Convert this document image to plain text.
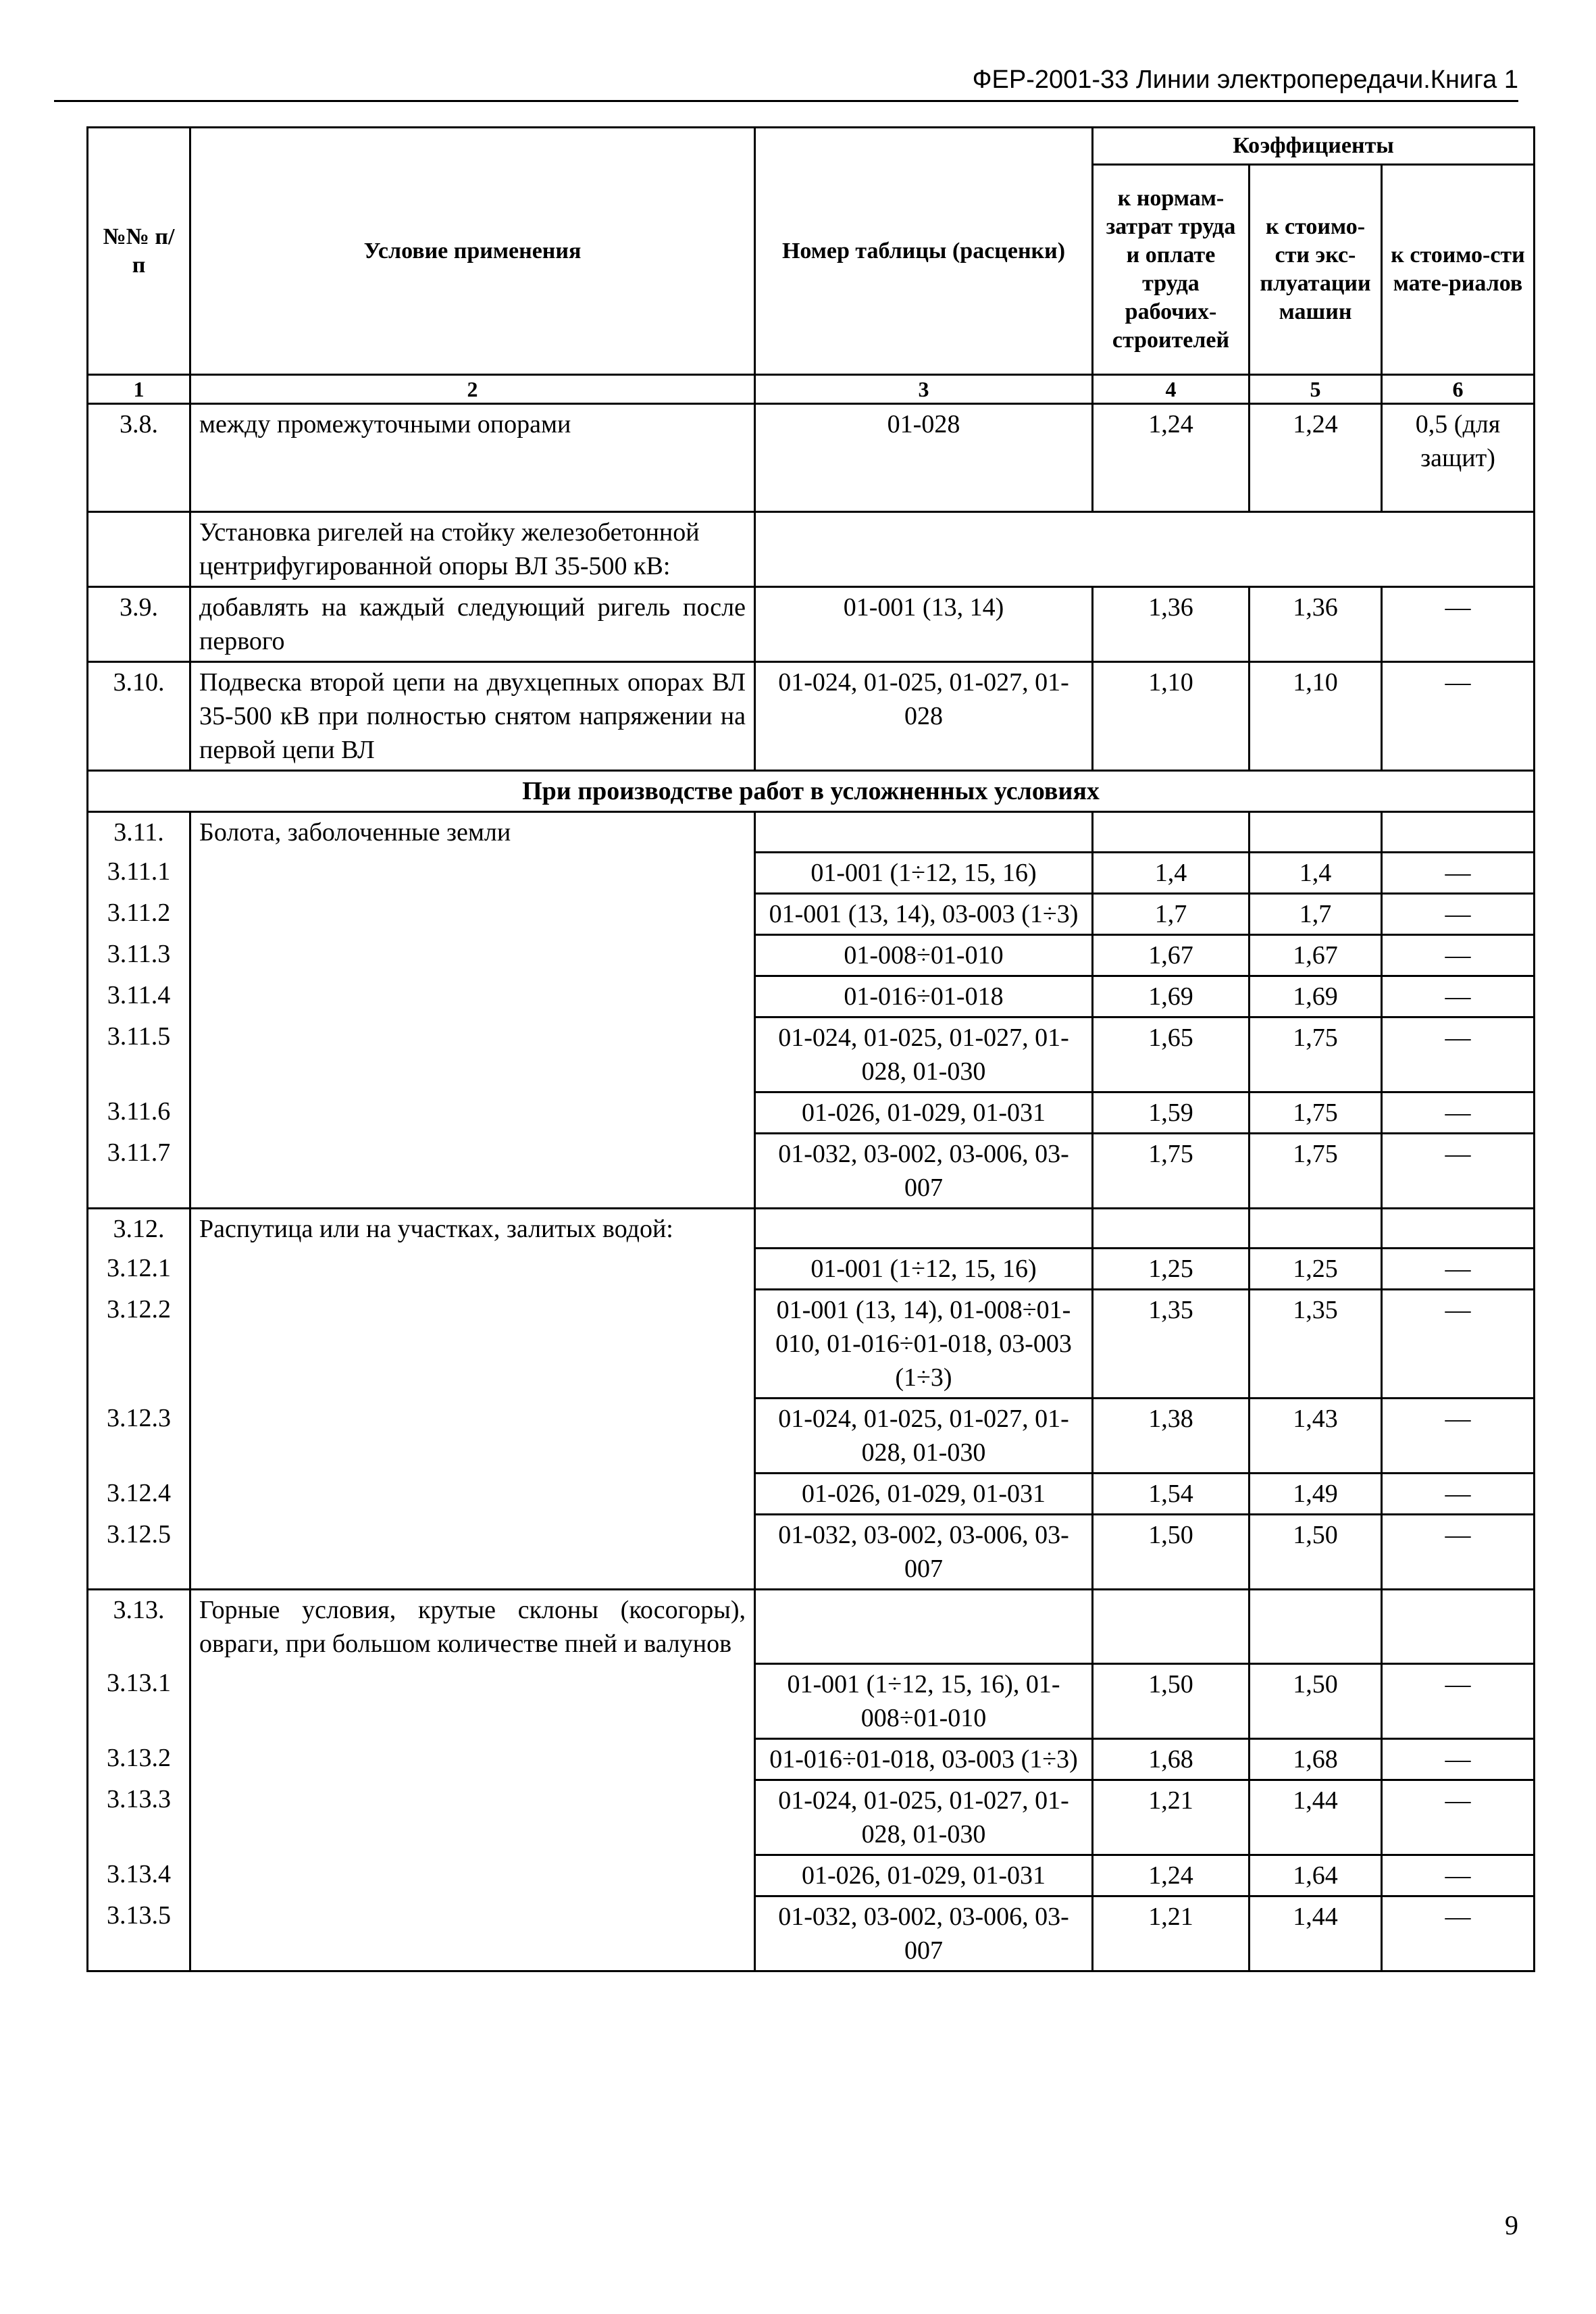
ФЕР-2001-33 Линии электропередачи.Книга 1
№№ п/п	Условие применения	Номер таблицы (расценки)	Коэффициенты		
			к нормам-затрат труда и оплате труда рабочих-строителей	к стоимо-сти экс-плуатации машин	к стоимо-сти мате-риалов
1	2	3	4	5	6
3.8.	между промежуточными опорами	01-028	1,24	1,24	0,5 (для защит)
	Установка ригелей на стойку железобетонной центрифугированной опоры ВЛ 35-500 кВ:				
3.9.	добавлять на каждый следующий ригель после первого	01-001 (13, 14)	1,36	1,36	—
3.10.	Подвеска второй цепи на двухцепных опорах ВЛ 35-500 кВ при полностью снятом напряжении на первой цепи ВЛ	01-024, 01-025, 01-027, 01-028	1,10	1,10	—
При производстве работ в усложненных условиях					
3.11.	Болота, заболоченные земли				
3.11.1		01-001 (1÷12, 15, 16)	1,4	1,4	—
3.11.2		01-001 (13, 14), 03-003 (1÷3)	1,7	1,7	—
3.11.3		01-008÷01-010	1,67	1,67	—
3.11.4		01-016÷01-018	1,69	1,69	—
3.11.5		01-024, 01-025, 01-027, 01-028, 01-030	1,65	1,75	—
3.11.6		01-026, 01-029, 01-031	1,59	1,75	—
3.11.7		01-032, 03-002, 03-006, 03-007	1,75	1,75	—
3.12.	Распутица или на участках, залитых водой:				
3.12.1		01-001 (1÷12, 15, 16)	1,25	1,25	—
3.12.2		01-001 (13, 14), 01-008÷01-010, 01-016÷01-018, 03-003 (1÷3)	1,35	1,35	—
3.12.3		01-024, 01-025, 01-027, 01-028, 01-030	1,38	1,43	—
3.12.4		01-026, 01-029, 01-031	1,54	1,49	—
3.12.5		01-032, 03-002, 03-006, 03-007	1,50	1,50	—
3.13.	Горные условия, крутые склоны (косогоры), овраги, при большом количестве пней и валунов				
3.13.1		01-001 (1÷12, 15, 16), 01-008÷01-010	1,50	1,50	—
3.13.2		01-016÷01-018, 03-003 (1÷3)	1,68	1,68	—
3.13.3		01-024, 01-025, 01-027, 01-028, 01-030	1,21	1,44	—
3.13.4		01-026, 01-029, 01-031	1,24	1,64	—
3.13.5		01-032, 03-002, 03-006, 03-007	1,21	1,44	—
9
